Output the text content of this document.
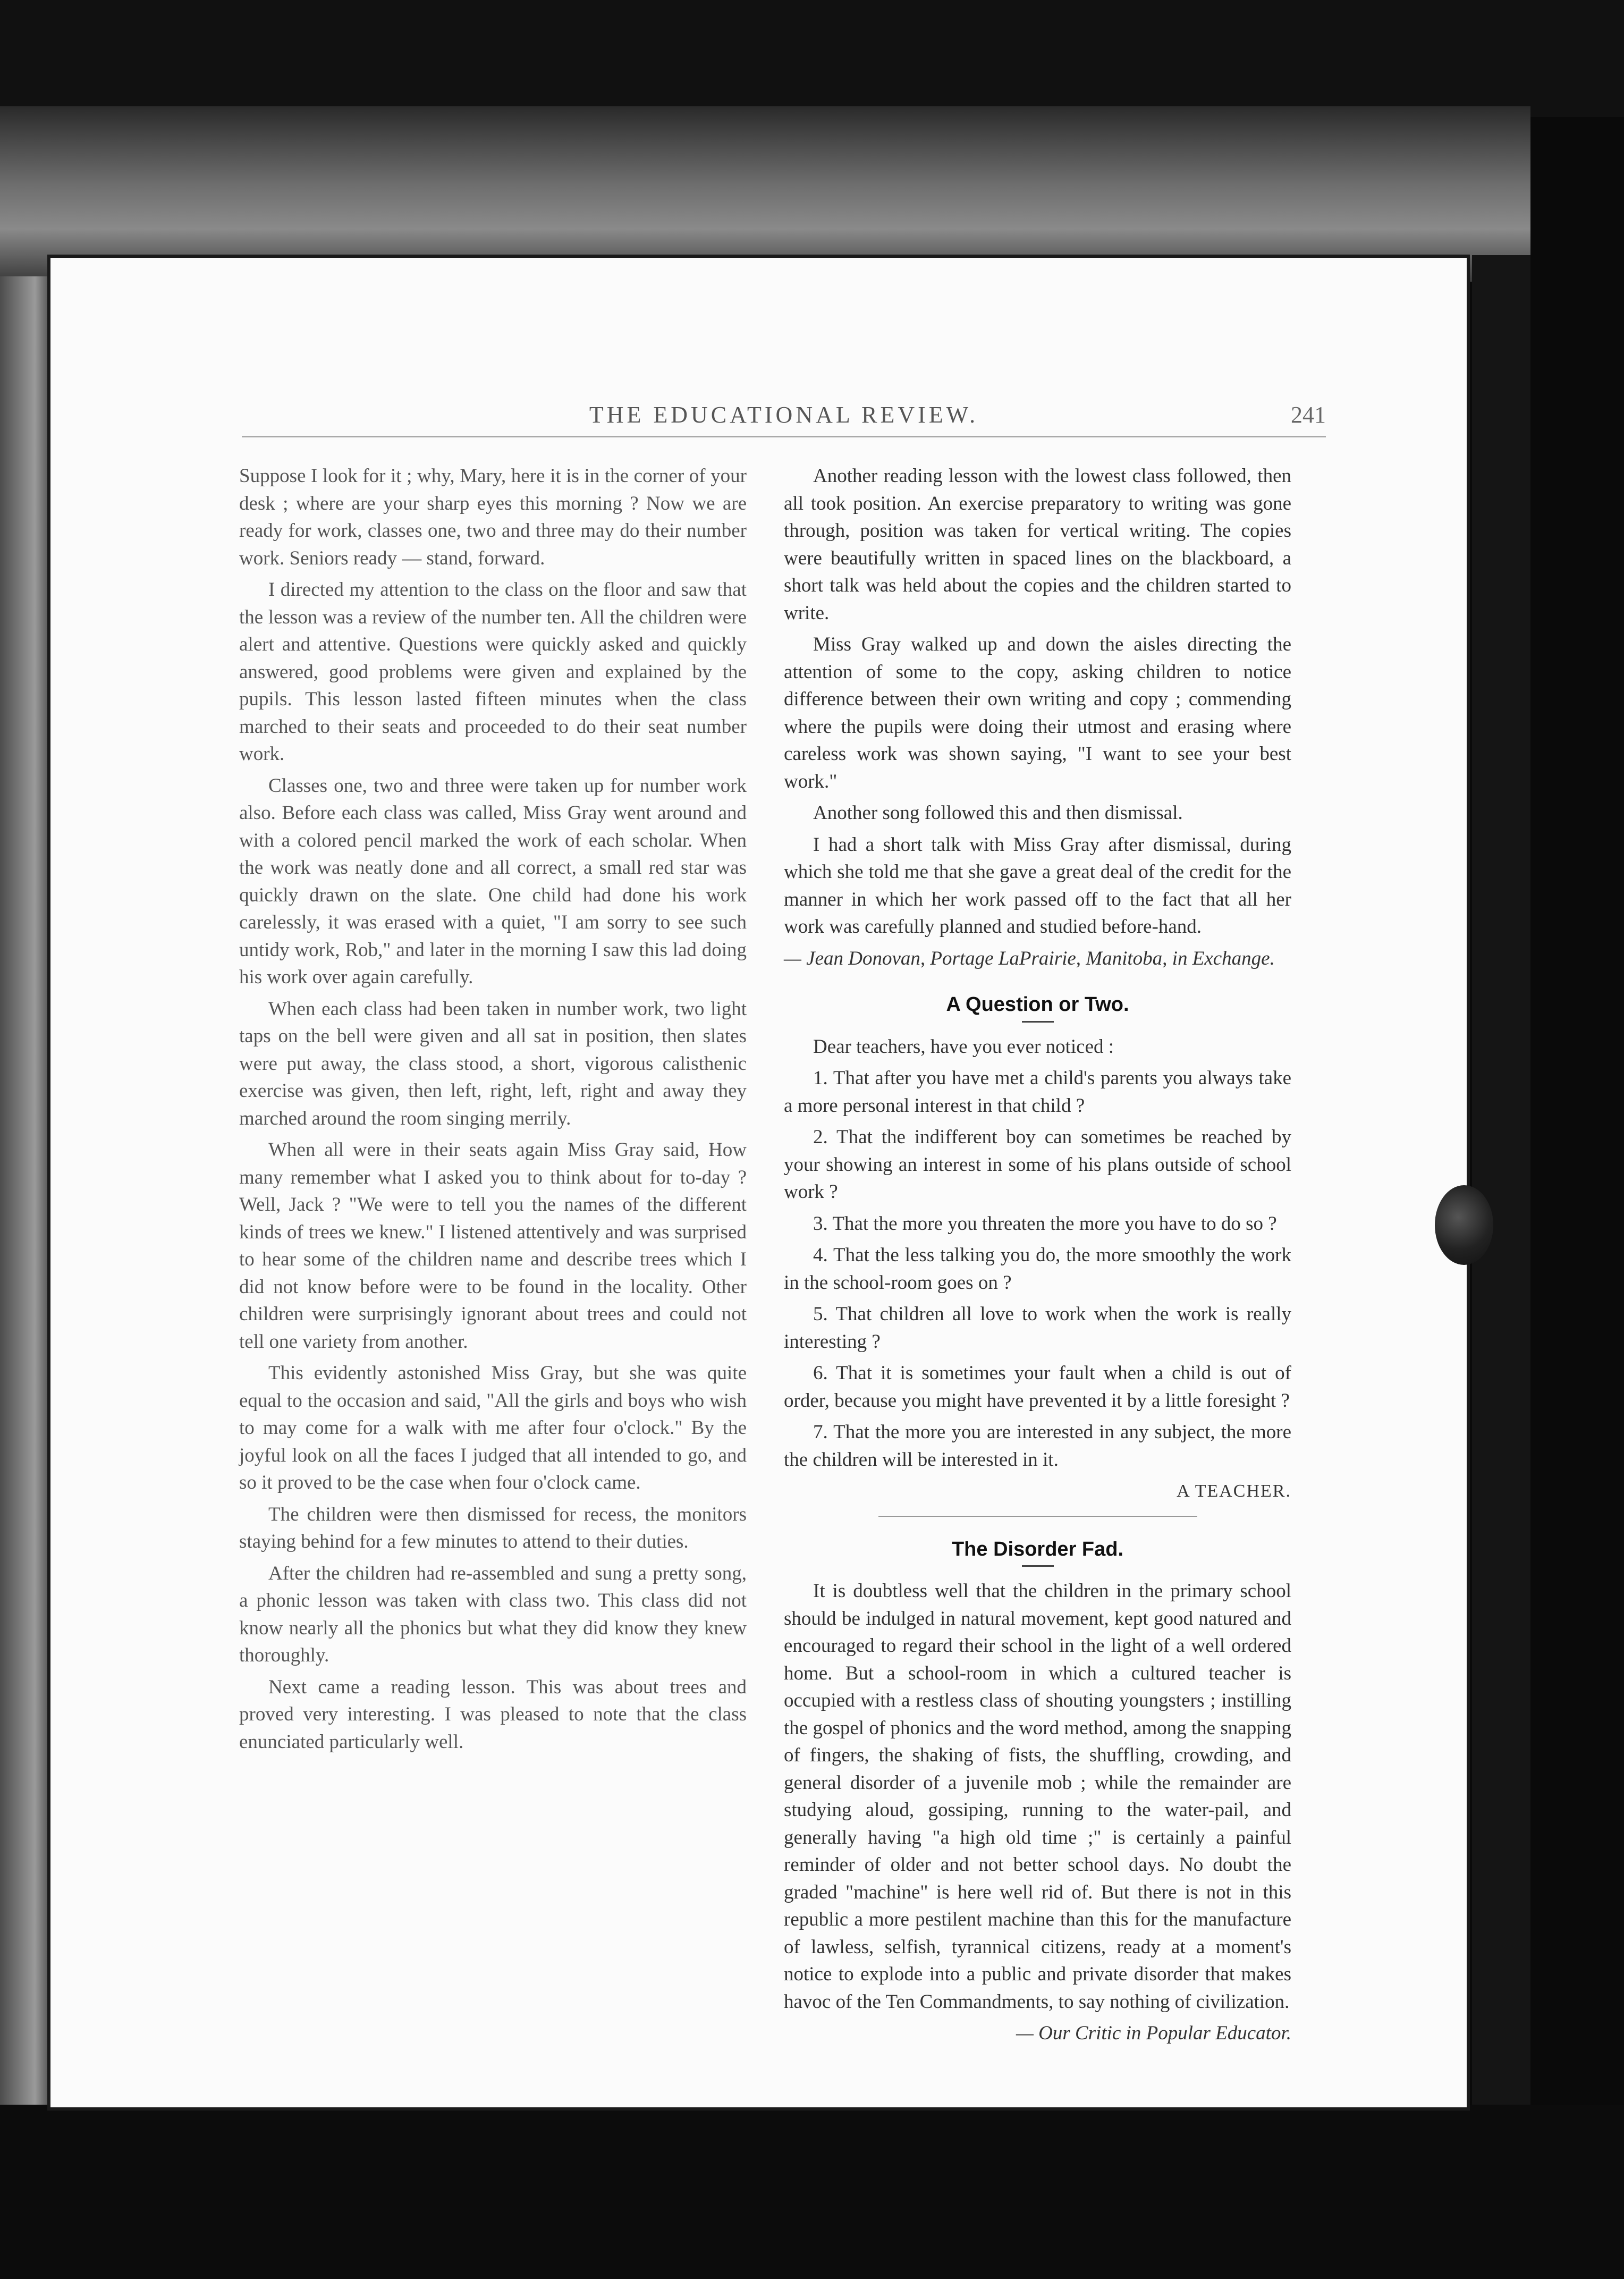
THE EDUCATIONAL REVIEW.	241

Suppose I look for it ; why, Mary, here it is in the corner of your desk ; where are your sharp eyes this morning ? Now we are ready for work, classes one, two and three may do their number work. Seniors ready — stand, forward.

I directed my attention to the class on the floor and saw that the lesson was a review of the number ten. All the children were alert and attentive. Questions were quickly asked and quickly answered, good problems were given and explained by the pupils. This lesson lasted fifteen minutes when the class marched to their seats and proceeded to do their seat number work.

Classes one, two and three were taken up for number work also. Before each class was called, Miss Gray went around and with a colored pencil marked the work of each scholar. When the work was neatly done and all correct, a small red star was quickly drawn on the slate. One child had done his work carelessly, it was erased with a quiet, "I am sorry to see such untidy work, Rob," and later in the morning I saw this lad doing his work over again carefully.

When each class had been taken in number work, two light taps on the bell were given and all sat in position, then slates were put away, the class stood, a short, vigorous calisthenic exercise was given, then left, right, left, right and away they marched around the room singing merrily.

When all were in their seats again Miss Gray said, How many remember what I asked you to think about for to-day ? Well, Jack ? "We were to tell you the names of the different kinds of trees we knew." I listened attentively and was surprised to hear some of the children name and describe trees which I did not know before were to be found in the locality. Other children were surprisingly ignorant about trees and could not tell one variety from another.

This evidently astonished Miss Gray, but she was quite equal to the occasion and said, "All the girls and boys who wish to may come for a walk with me after four o'clock." By the joyful look on all the faces I judged that all intended to go, and so it proved to be the case when four o'clock came.

The children were then dismissed for recess, the monitors staying behind for a few minutes to attend to their duties.

After the children had re-assembled and sung a pretty song, a phonic lesson was taken with class two. This class did not know nearly all the phonics but what they did know they knew thoroughly.

Next came a reading lesson. This was about trees and proved very interesting. I was pleased to note that the class enunciated particularly well.

Another reading lesson with the lowest class followed, then all took position. An exercise preparatory to writing was gone through, position was taken for vertical writing. The copies were beautifully written in spaced lines on the blackboard, a short talk was held about the copies and the children started to write.

Miss Gray walked up and down the aisles directing the attention of some to the copy, asking children to notice difference between their own writing and copy ; commending where the pupils were doing their utmost and erasing where careless work was shown saying, "I want to see your best work."

Another song followed this and then dismissal.

I had a short talk with Miss Gray after dismissal, during which she told me that she gave a great deal of the credit for the manner in which her work passed off to the fact that all her work was carefully planned and studied before-hand.

— Jean Donovan, Portage LaPrairie, Manitoba, in Exchange.

A Question or Two.

Dear teachers, have you ever noticed :

1. That after you have met a child's parents you always take a more personal interest in that child ?

2. That the indifferent boy can sometimes be reached by your showing an interest in some of his plans outside of school work ?

3. That the more you threaten the more you have to do so ?

4. That the less talking you do, the more smoothly the work in the school-room goes on ?

5. That children all love to work when the work is really interesting ?

6. That it is sometimes your fault when a child is out of order, because you might have prevented it by a little foresight ?

7. That the more you are interested in any subject, the more the children will be interested in it.

A TEACHER.
The Disorder Fad.

It is doubtless well that the children in the primary school should be indulged in natural movement, kept good natured and encouraged to regard their school in the light of a well ordered home. But a school-room in which a cultured teacher is occupied with a restless class of shouting youngsters ; instilling the gospel of phonics and the word method, among the snapping of fingers, the shaking of fists, the shuffling, crowding, and general disorder of a juvenile mob ; while the remainder are studying aloud, gossiping, running to the water-pail, and generally having "a high old time ;" is certainly a painful reminder of older and not better school days. No doubt the graded "machine" is here well rid of. But there is not in this republic a more pestilent machine than this for the manufacture of lawless, selfish, tyrannical citizens, ready at a moment's notice to explode into a public and private disorder that makes havoc of the Ten Commandments, to say nothing of civilization.

— Our Critic in Popular Educator.
